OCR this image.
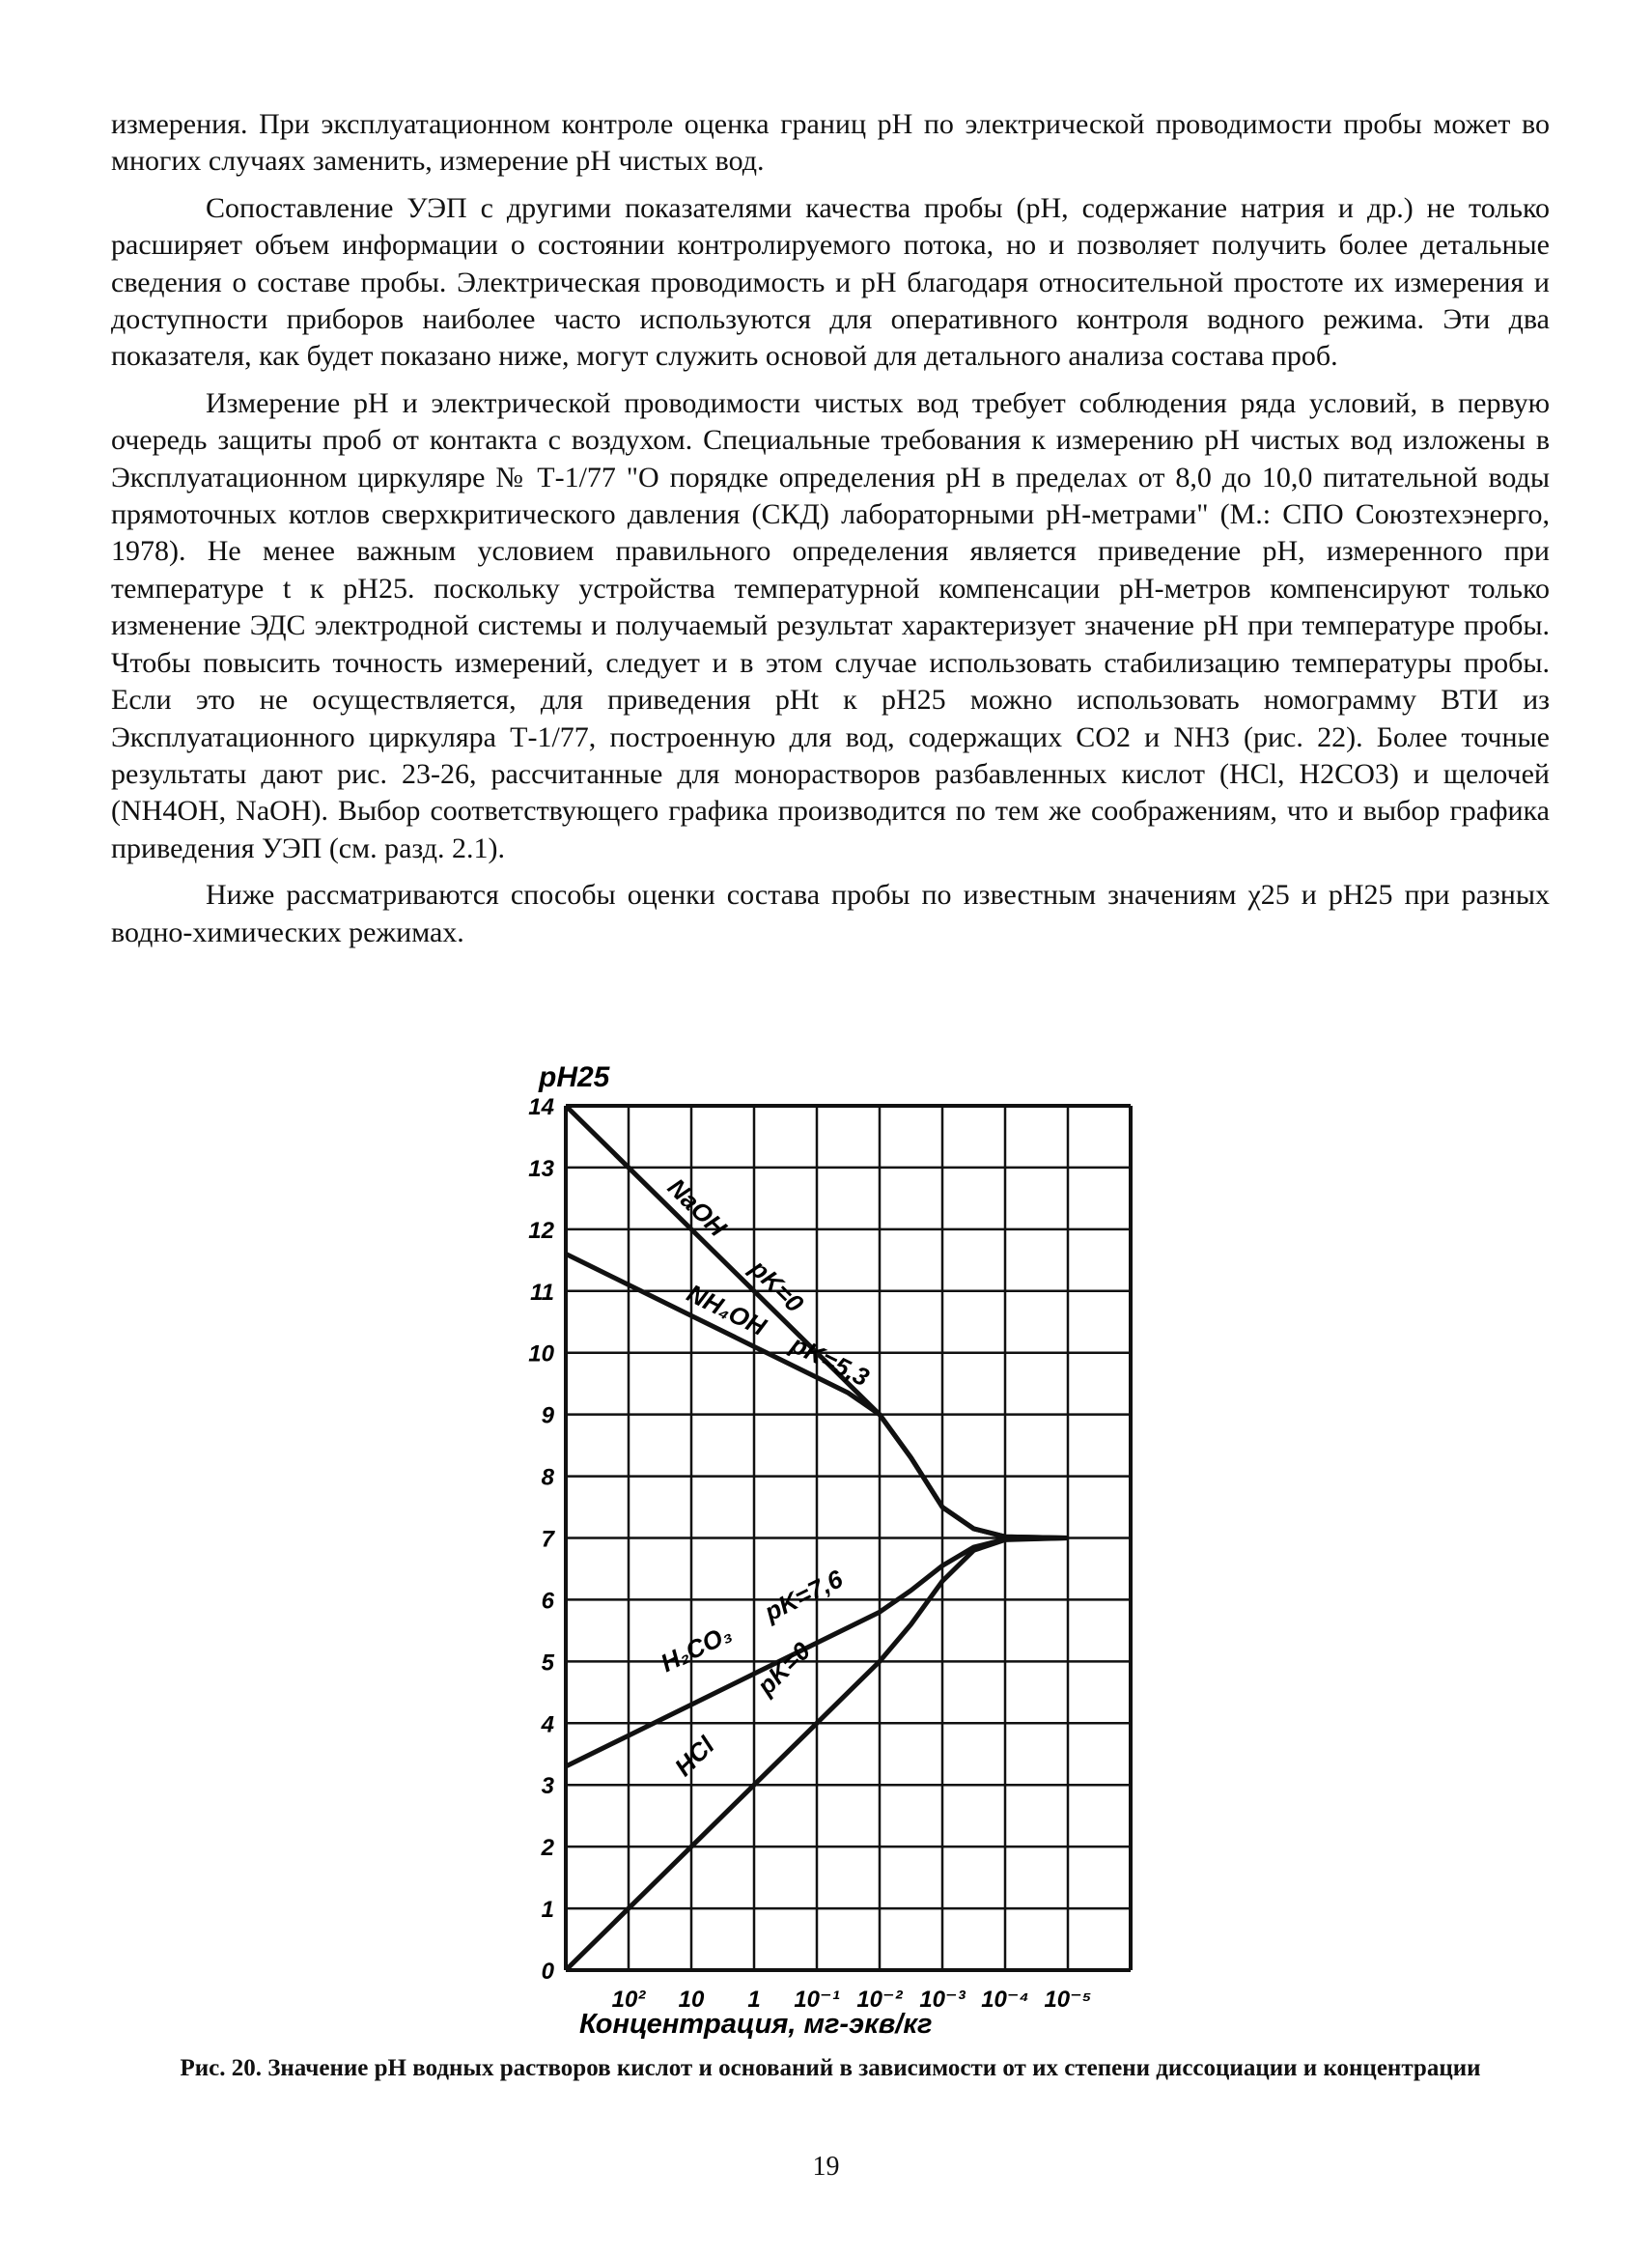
измерения. При эксплуатационном контроле оценка границ pH по электрической проводимости пробы может во многих случаях заменить, измерение pH чистых вод.

Сопоставление УЭП с другими показателями качества пробы (pH, содержание натрия и др.) не только расширяет объем информации о состоянии контролируемого потока, но и позволяет получить более детальные сведения о составе пробы. Электрическая проводимость и pH благодаря относительной простоте их измерения и доступности приборов наиболее часто используются для оперативного контроля водного режима. Эти два показателя, как будет показано ниже, могут служить основой для детального анализа состава проб.

Измерение pH и электрической проводимости чистых вод требует соблюдения ряда условий, в первую очередь защиты проб от контакта с воздухом. Специальные требования к измерению pH чистых вод изложены в Эксплуатационном циркуляре № Т-1/77 "О порядке определения pH в пределах от 8,0 до 10,0 питательной воды прямоточных котлов сверхкритического давления (СКД) лабораторными pH-метрами" (М.: СПО Союзтехэнерго, 1978). Не менее важным условием правильного определения является приведение pH, измеренного при температуре t к pH25. поскольку устройства температурной компенсации pH-метров компенсируют только изменение ЭДС электродной системы и получаемый результат характеризует значение pH при температуре пробы. Чтобы повысить точность измерений, следует и в этом случае использовать стабилизацию температуры пробы. Если это не осуществляется, для приведения pHt к pH25 можно использовать номограмму ВТИ из Эксплуатационного циркуляра Т-1/77, построенную для вод, содержащих CO2 и NH3 (рис. 22). Более точные результаты дают рис. 23-26, рассчитанные для монорастворов разбавленных кислот (HCl, H2CO3) и щелочей (NH4OH, NaOH). Выбор соответствующего графика производится по тем же соображениям, что и выбор графика приведения УЭП (см. разд. 2.1).

Ниже рассматриваются способы оценки состава пробы по известным значениям χ25 и pH25 при разных водно-химических режимах.

14
13
12
11
10
9
8
7
6
5
4
3
2
1
0
10² 10 1 10⁻¹ 10⁻² 10⁻³ 10⁻⁴ 10⁻⁵
NaOH
pK=0
NH₄OH
pK=5,3
H₂CO₃
pK=7,6
HCl
pK=0
pH25
Концентрация, мг-экв/кг
Рис. 20. Значение рН водных растворов кислот и оснований в зависимости от их степени диссоциации и концентрации
19
